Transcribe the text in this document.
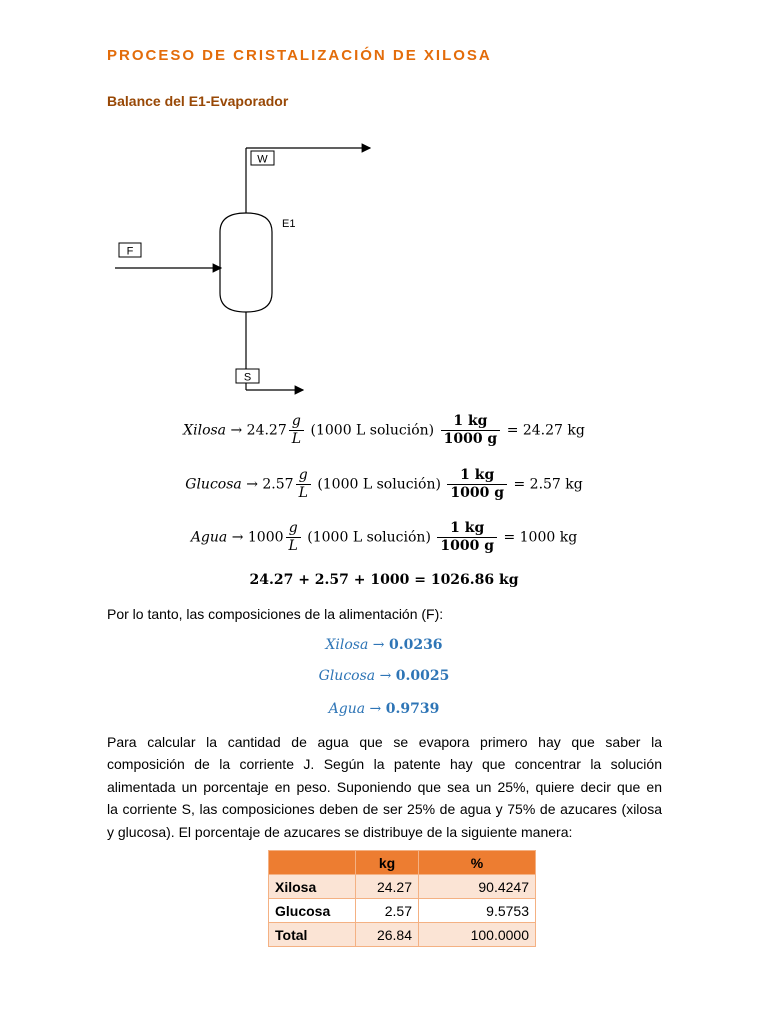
PROCESO DE CRISTALIZACIÓN DE XILOSA
Balance del E1-Evaporador
W
E1
F
S
Xilosa → $24.27 \frac{g}{L} (1000$ L solución) $\frac{1 kg}{1000 g} = 24.27$ kg
$Glucosa \to 2.57 \frac{g}{L} (1000$ L solución) $\frac{1 kg}{1000 g} = 2.57$ kg
Agua → $1000 \frac{g}{L} (1000$ L solución) $\frac{1 kg}{1000 g} = 1000$ kg
24.27 + 2.57 + 1000 = 1026.86 kg
Por lo tanto, las composiciones de la alimentación (F):
Xilosa → 0.0236
Glucosa → 0.0025
Agua → 0.9739
Para calcular la cantidad de agua que se evapora primero hay que saber la
composición de la corriente J. Según la patente hay que concentrar la solución
alimentada un porcentaje en peso. Suponiendo que sea un 25%, quiere decir que en
la corriente S, las composiciones deben de ser 25% de agua y 75% de azucares (xilosa
y glucosa). El porcentaje de azucares se distribuye de la siguiente manera:
	kg	%
Xilosa	24.27	90.4247
Glucosa	2.57	9.5753
Total	26.84	100.0000
